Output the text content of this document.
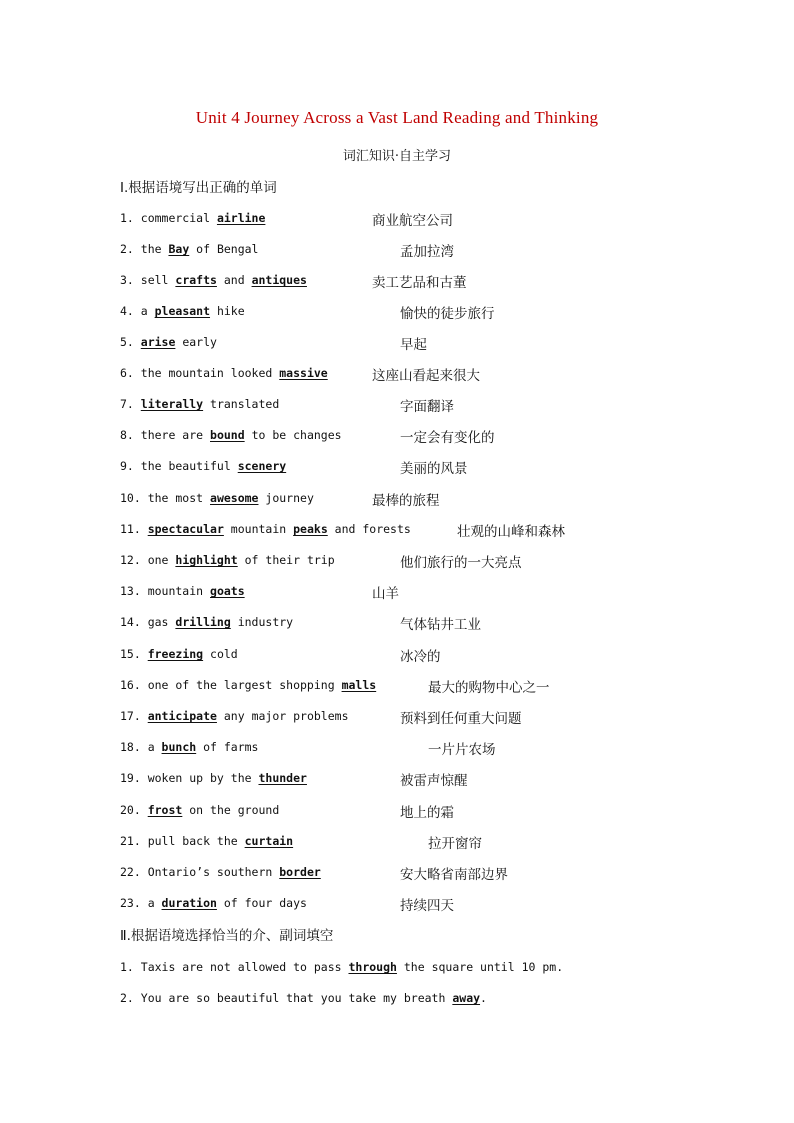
Unit 4 Journey Across a Vast Land Reading and Thinking
词汇知识·自主学习
Ⅰ.根据语境写出正确的单词
1. commercial airline	商业航空公司
2. the Bay of Bengal	孟加拉湾
3. sell crafts and antiques	卖工艺品和古董
4. a pleasant hike	愉快的徒步旅行
5. arise early	早起
6. the mountain looked massive	这座山看起来很大
7. literally translated	字面翻译
8. there are bound to be changes	一定会有变化的
9. the beautiful scenery	美丽的风景
10. the most awesome journey	最棒的旅程
11. spectacular mountain peaks and forests	壮观的山峰和森林
12. one highlight of their trip	他们旅行的一大亮点
13. mountain goats	山羊
14. gas drilling industry	气体钻井工业
15. freezing cold	冰冷的
16. one of the largest shopping malls	最大的购物中心之一
17. anticipate any major problems	预料到任何重大问题
18. a bunch of farms	一片片农场
19. woken up by the thunder	被雷声惊醒
20. frost on the ground	地上的霜
21. pull back the curtain	拉开窗帘
22. Ontario’s southern border	安大略省南部边界
23. a duration of four days	持续四天
Ⅱ.根据语境选择恰当的介、副词填空
1. Taxis are not allowed to pass through the square until 10 pm.
2. You are so beautiful that you take my breath away.
